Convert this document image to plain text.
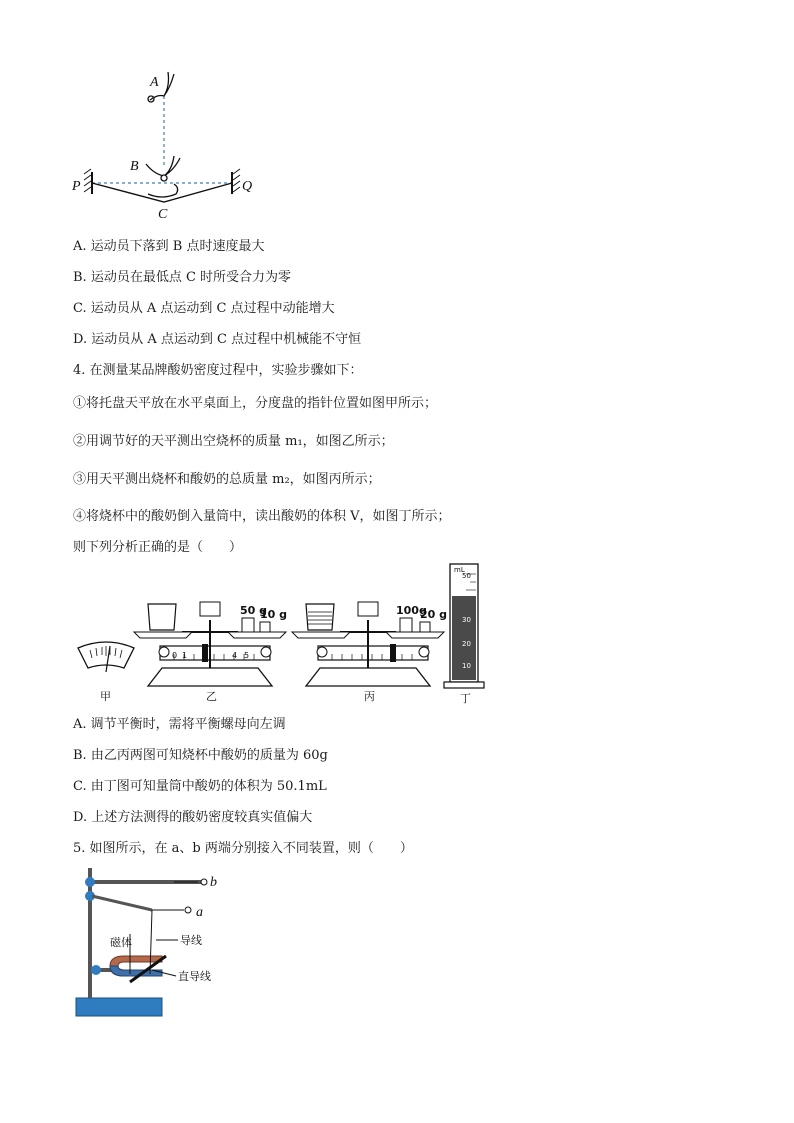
A
B
C
P	Q
A. 运动员下落到 B 点时速度最大
B. 运动员在最低点 C 时所受合力为零
C. 运动员从 A 点运动到 C 点过程中动能增大
D. 运动员从 A 点运动到 C 点过程中机械能不守恒
4. 在测量某品牌酸奶密度过程中，实验步骤如下：
①将托盘天平放在水平桌面上，分度盘的指针位置如图甲所示；
②用调节好的天平测出空烧杯的质量 m₁，如图乙所示；
③用天平测出烧杯和酸奶的总质量 m₂，如图丙所示；
④将烧杯中的酸奶倒入量筒中，读出酸奶的体积 V，如图丁所示；
则下列分析正确的是（　　）
甲
0 1	4 5
50 g
10 g
乙
100g
20 g
丙
mL
50
40
30
20
10
丁
A. 调节平衡时，需将平衡螺母向左调
B. 由乙丙两图可知烧杯中酸奶的质量为 60g
C. 由丁图可知量筒中酸奶的体积为 50.1mL
D. 上述方法测得的酸奶密度较真实值偏大
5. 如图所示，在 a、b 两端分别接入不同装置，则（　　）
b
a
磁体	导线
直导线
